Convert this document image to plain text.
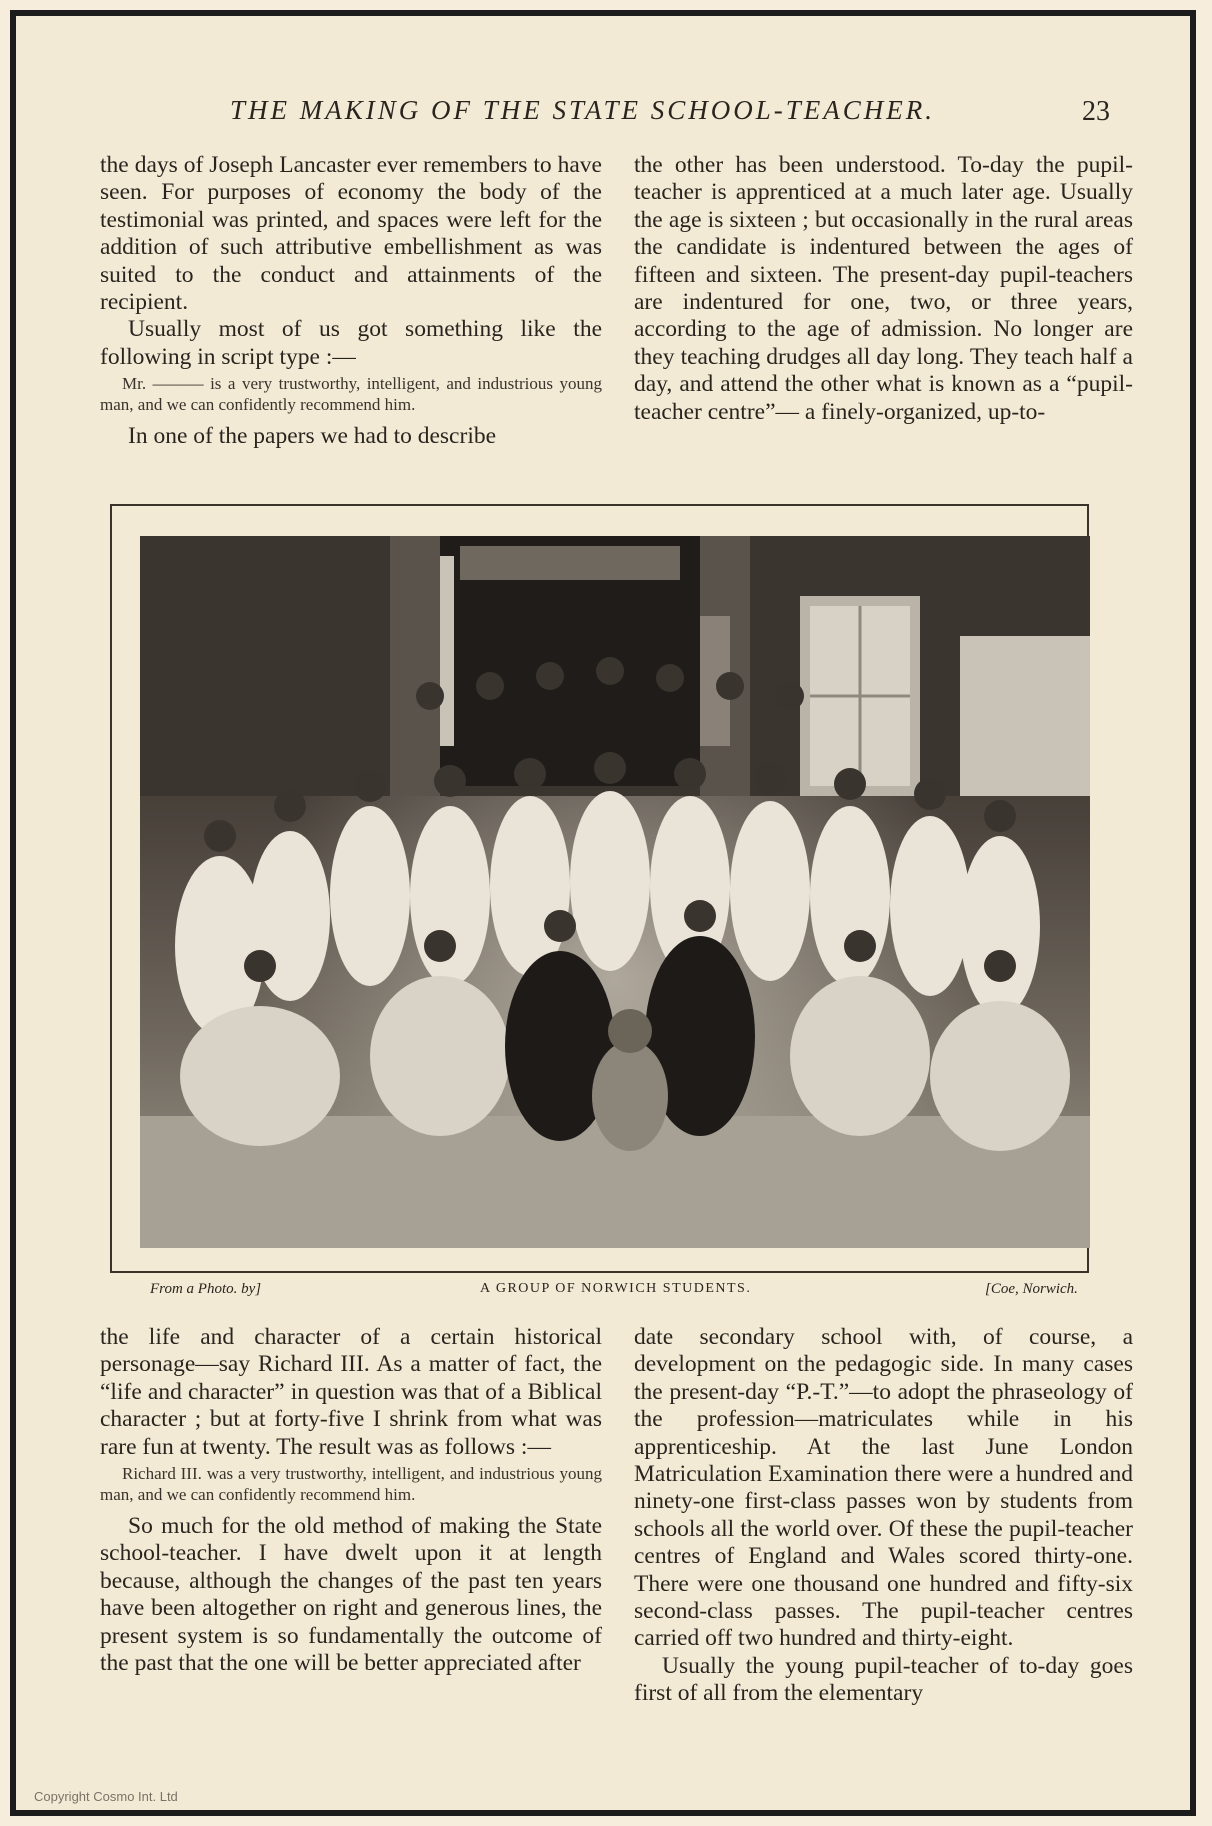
THE MAKING OF THE STATE SCHOOL-TEACHER.	23

the days of Joseph Lancaster ever remembers to have seen. For purposes of economy the body of the testimonial was printed, and spaces were left for the addition of such attributive embellishment as was suited to the conduct and attainments of the recipient.

Usually most of us got something like the following in script type :—

Mr. ——— is a very trustworthy, intelligent, and industrious young man, and we can confidently recommend him.

In one of the papers we had to describe

the other has been understood. To-day the pupil-teacher is apprenticed at a much later age. Usually the age is sixteen ; but occasionally in the rural areas the candidate is indentured between the ages of fifteen and sixteen. The present-day pupil-teachers are indentured for one, two, or three years, according to the age of admission. No longer are they teaching drudges all day long. They teach half a day, and attend the other what is known as a “pupil-teacher centre”— a finely-organized, up-to-

From a Photo. by]	A GROUP OF NORWICH STUDENTS.	[Coe, Norwich.

the life and character of a certain historical personage—say Richard III. As a matter of fact, the “life and character” in question was that of a Biblical character ; but at forty-five I shrink from what was rare fun at twenty. The result was as follows :—

Richard III. was a very trustworthy, intelligent, and industrious young man, and we can confidently recommend him.

So much for the old method of making the State school-teacher. I have dwelt upon it at length because, although the changes of the past ten years have been altogether on right and generous lines, the present system is so fundamentally the outcome of the past that the one will be better appreciated after

date secondary school with, of course, a development on the pedagogic side. In many cases the present-day “P.-T.”—to adopt the phraseology of the profession—matriculates while in his apprenticeship. At the last June London Matriculation Examination there were a hundred and ninety-one first-class passes won by students from schools all the world over. Of these the pupil-teacher centres of England and Wales scored thirty-one. There were one thousand one hundred and fifty-six second-class passes. The pupil-teacher centres carried off two hundred and thirty-eight.

Usually the young pupil-teacher of to-day goes first of all from the elementary

Copyright Cosmo Int. Ltd
